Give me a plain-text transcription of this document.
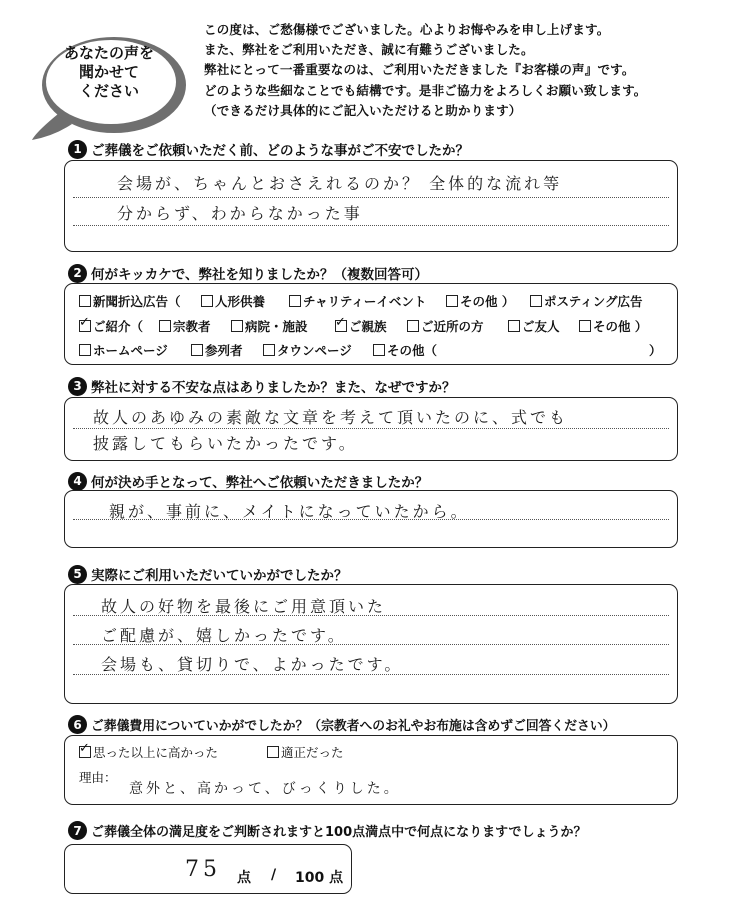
あなたの声を
聞かせて
ください
この度は、ご愁傷様でございました。心よりお悔やみを申し上げます。
また、弊社をご利用いただき、誠に有難うございました。
弊社にとって一番重要なのは、ご利用いただきました『お客様の声』です。
どのような些細なことでも結構です。是非ご協力をよろしくお願い致します。
（できるだけ具体的にご記入いただけると助かります）
1 ご葬儀をご依頼いただく前、どのような事がご不安でしたか？
会場が、ちゃんとおさえれるのか？ 全体的な流れ等
分からず、わからなかった事
2 何がキッカケで、弊社を知りましたか？（複数回答可）
新聞折込広告（	人形供養	チャリティーイベント	その他 ）	ポスティング広告
✓ご紹介（	宗教者	病院・施設
✓	ご親族	ご近所の方	ご友人	その他 ）
ホームページ	参列者	タウンページ	その他（	）
3 弊社に対する不安な点はありましたか？また、なぜですか？
故人のあゆみの素敵な文章を考えて頂いたのに、式でも
披露してもらいたかったです。
4 何が決め手となって、弊社へご依頼いただきましたか？
親が、事前に、メイトになっていたから。
5 実際にご利用いただいていかがでしたか？
故人の好物を最後にご用意頂いた
ご配慮が、嬉しかったです。
会場も、貸切りで、よかったです。
6 ご葬儀費用についていかがでしたか？（宗教者へのお礼やお布施は含めずご回答ください）
✓思った以上に高かった	適正だった
理由：
意外と、高かって、びっくりした。
7 ご葬儀全体の満足度をご判断されますと100点満点中で何点になりますでしょうか？
75 点 / 100 点
